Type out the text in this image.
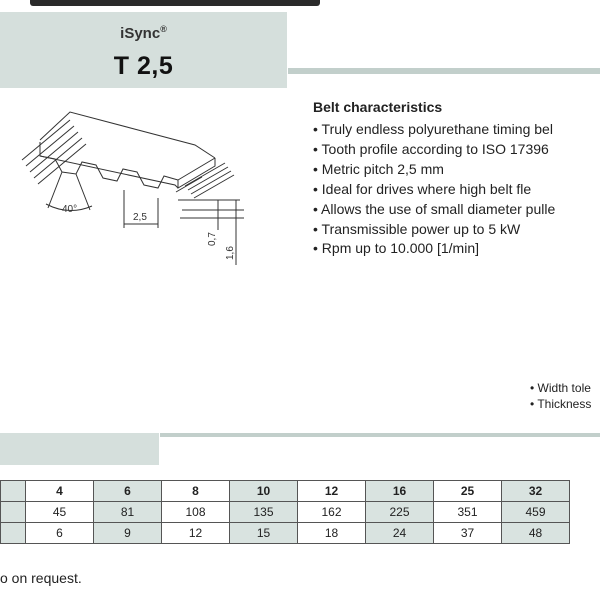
iSync®
T 2,5
40°
2,5
0,7
1,6
Belt characteristics
• Truly endless polyurethane timing bel
• Tooth profile according to ISO 17396
• Metric pitch 2,5 mm
• Ideal for drives where high belt fle
• Allows the use of small diameter pulle
• Transmissible power up to 5 kW
• Rpm up to 10.000 [1/min]
• Width tole
• Thickness
	4	6	8	10	12	16	25	32
	45	81	108	135	162	225	351	459
	6	9	12	15	18	24	37	48
o on request.
